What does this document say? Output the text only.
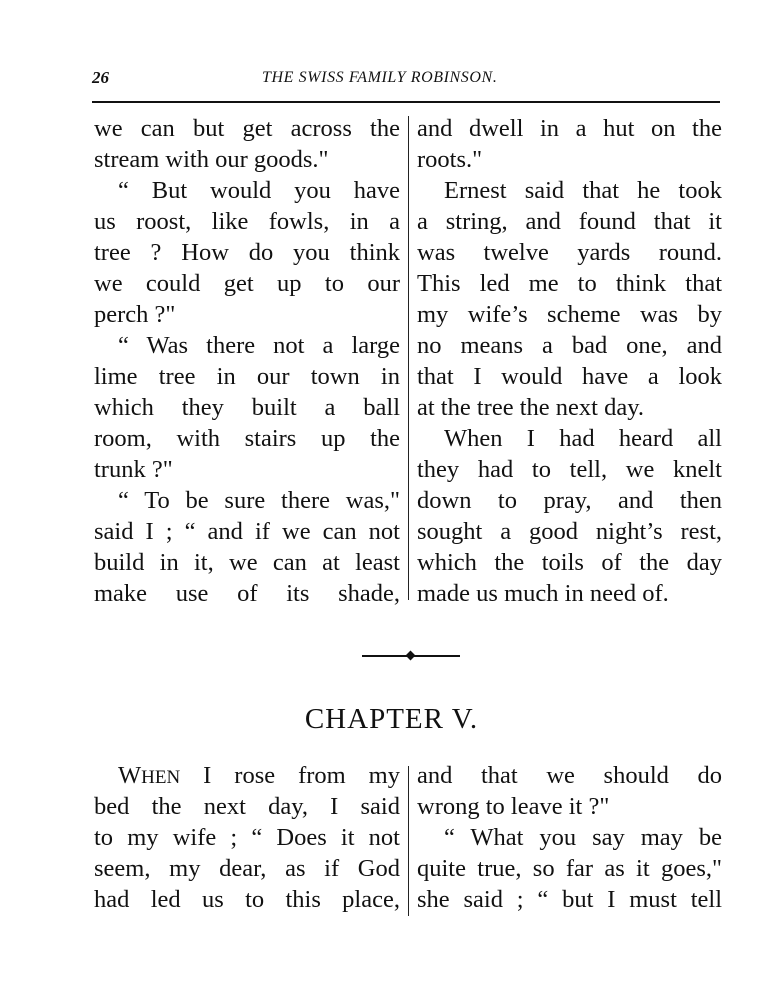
26	THE SWISS FAMILY ROBINSON.
we can but get across the
stream with our goods."
“ But would you have
us roost, like fowls, in a
tree ? How do you think
we could get up to our
perch ?"
“ Was there not a large
lime tree in our town in
which they built a ball
room, with stairs up the
trunk ?"
“ To be sure there was,"
said I ; “ and if we can not
build in it, we can at least
make use of its shade,
and dwell in a hut on the
roots."
Ernest said that he took
a string, and found that it
was twelve yards round.
This led me to think that
my wife’s scheme was by
no means a bad one, and
that I would have a look
at the tree the next day.
When I had heard all
they had to tell, we knelt
down to pray, and then
sought a good night’s rest,
which the toils of the day
made us much in need of.
CHAPTER V.
WHEN I rose from my
bed the next day, I said
to my wife ; “ Does it not
seem, my dear, as if God
had led us to this place,
and that we should do
wrong to leave it ?"
“ What you say may be
quite true, so far as it goes,"
she said ; “ but I must tell
